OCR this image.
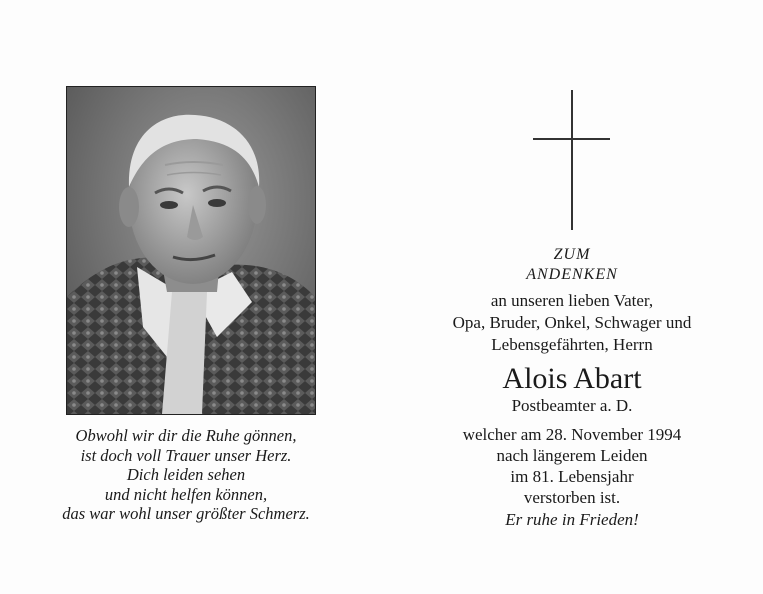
Obwohl wir dir die Ruhe gönnen,
ist doch voll Trauer unser Herz.
Dich leiden sehen
und nicht helfen können,
das war wohl unser größter Schmerz.
ZUM
ANDENKEN
an unseren lieben Vater,
Opa, Bruder, Onkel, Schwager und
Lebensgefährten, Herrn
Alois Abart
Postbeamter a. D.
welcher am 28. November 1994
nach längerem Leiden
im 81. Lebensjahr
verstorben ist.
Er ruhe in Frieden!
